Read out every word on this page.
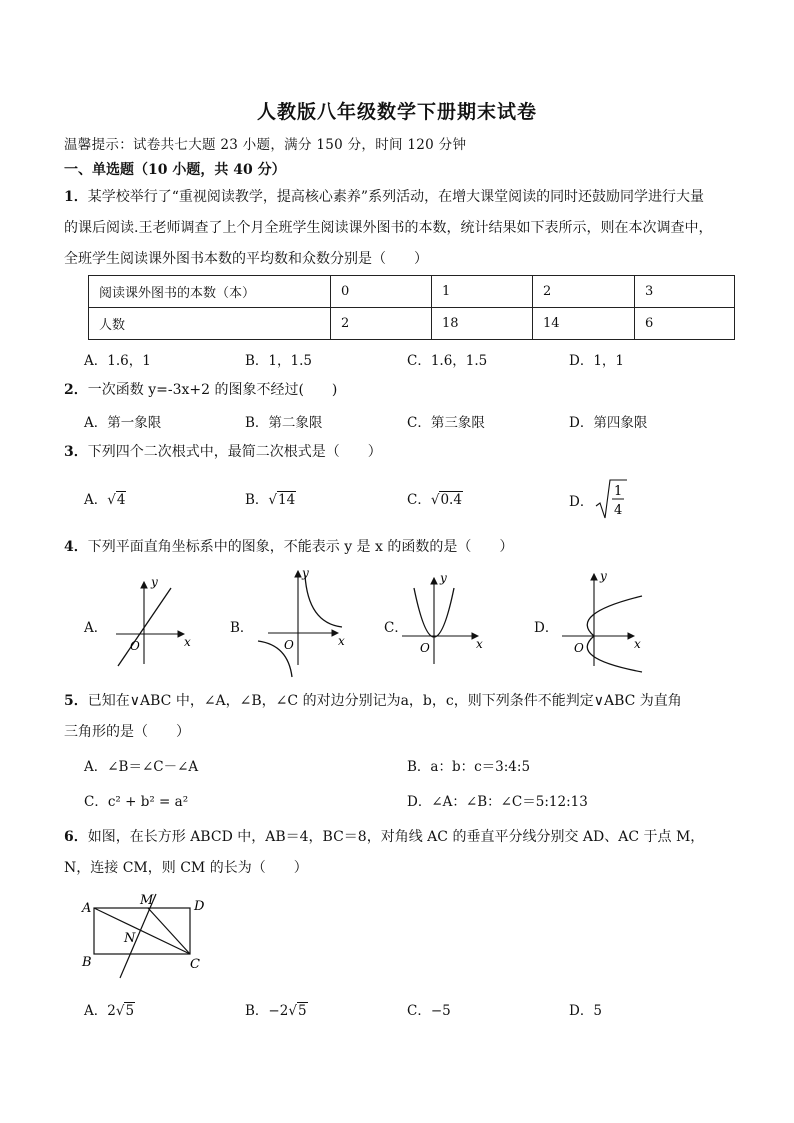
人教版八年级数学下册期末试卷
温馨提示：试卷共七大题 23 小题，满分 150 分，时间 120 分钟
一、单选题（10 小题，共 40 分）
1．某学校举行了“重视阅读教学，提高核心素养”系列活动，在增大课堂阅读的同时还鼓励同学进行大量
的课后阅读.王老师调查了上个月全班学生阅读课外图书的本数，统计结果如下表所示，则在本次调查中，
全班学生阅读课外图书本数的平均数和众数分别是（　　）
阅读课外图书的本数（本）	0	1	2	3
人数	2	18	14	6
A．1.6，1	B．1，1.5	C．1.6，1.5	D．1，1
2．一次函数 y=-3x+2 的图象不经过(　　)
A．第一象限	B．第二象限	C．第三象限	D．第四象限
3．下列四个二次根式中，最简二次根式是（　　）
A．√4	B．√14	C．√0.4	D．
1
4
4．下列平面直角坐标系中的图象，不能表示 y 是 x 的函数的是（　　）
A．	B．	C．	D．
y
x
O
y
x
O
y
x
O
y
x
O
5．已知在∨ABC 中，∠A，∠B，∠C 的对边分别记为a，b，c，则下列条件不能判定∨ABC 为直角
三角形的是（　　）
A．∠B＝∠C－∠A	B．a：b：c＝3:4:5
C．c² + b² = a²	D．∠A：∠B：∠C＝5:12:13
6．如图，在长方形 ABCD 中，AB＝4，BC＝8，对角线 AC 的垂直平分线分别交 AD、AC 于点 M，
N，连接 CM，则 CM 的长为（　　）
A	D
B	C
M
N
A．2√5	B．−2√5	C．−5	D．5
